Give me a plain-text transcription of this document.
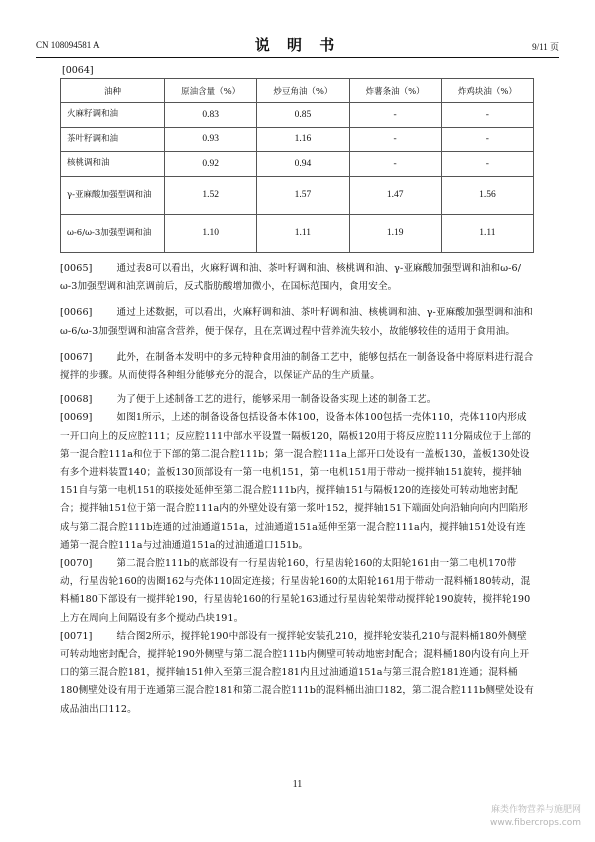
CN 108094581 A	说 明 书	9/11 页
[0064]
油种	原油含量（%）	炒豆角油（%）	炸薯条油（%）	炸鸡块油（%）
火麻籽调和油	0.83	0.85	-	-
茶叶籽调和油	0.93	1.16	-	-
核桃调和油	0.92	0.94	-	-
γ-亚麻酸加强型调和油	1.52	1.57	1.47	1.56
ω-6/ω-3加强型调和油	1.10	1.11	1.19	1.11

[0065]	通过表8可以看出，火麻籽调和油、茶叶籽调和油、核桃调和油、γ-亚麻酸加强型调和油和ω-6/ω-3加强型调和油烹调前后，反式脂肪酸增加微小，在国标范围内，食用安全。

[0066]	通过上述数据，可以看出，火麻籽调和油、茶叶籽调和油、核桃调和油、γ-亚麻酸加强型调和油和ω-6/ω-3加强型调和油富含营养，便于保存，且在烹调过程中营养流失较小，故能够较佳的适用于食用油。

[0067]	此外，在制备本发明中的多元特种食用油的制备工艺中，能够包括在一制备设备中将原料进行混合搅拌的步骤。从而使得各种组分能够充分的混合，以保证产品的生产质量。

[0068]	为了便于上述制备工艺的进行，能够采用一制备设备实现上述的制备工艺。

[0069]	如图1所示，上述的制备设备包括设备本体100，设备本体100包括一壳体110，壳体110内形成一开口向上的反应腔111；反应腔111中部水平设置一隔板120，隔板120用于将反应腔111分隔成位于上部的第一混合腔111a和位于下部的第二混合腔111b；第一混合腔111a上部开口处设有一盖板130，盖板130处设有多个进料装置140；盖板130顶部设有一第一电机151，第一电机151用于带动一搅拌轴151旋转，搅拌轴151自与第一电机151的联接处延伸至第二混合腔111b内，搅拌轴151与隔板120的连接处可转动地密封配合；搅拌轴151位于第一混合腔111a内的外壁处设有第一浆叶152，搅拌轴151下端面处向沿轴向向内凹陷形成与第二混合腔111b连通的过油通道151a，过油通道151a延伸至第一混合腔111a内，搅拌轴151处设有连通第一混合腔111a与过油通道151a的过油通道口151b。

[0070]	第二混合腔111b的底部设有一行星齿轮160，行星齿轮160的太阳轮161由一第二电机170带动，行星齿轮160的齿圈162与壳体110固定连接；行星齿轮160的太阳轮161用于带动一混料桶180转动，混料桶180下部设有一搅拌轮190，行星齿轮160的行星轮163通过行星齿轮架带动搅拌轮190旋转，搅拌轮190上方在周向上间隔设有多个搅动凸块191。

[0071]	结合图2所示，搅拌轮190中部设有一搅拌轮安装孔210，搅拌轮安装孔210与混料桶180外侧壁可转动地密封配合，搅拌轮190外侧壁与第二混合腔111b内侧壁可转动地密封配合；混料桶180内设有向上开口的第三混合腔181，搅拌轴151伸入至第三混合腔181内且过油通道151a与第三混合腔181连通；混料桶180侧壁处设有用于连通第三混合腔181和第二混合腔111b的混料桶出油口182，第二混合腔111b侧壁处设有成品油出口112。

11
麻类作物营养与施肥网
www.fibercrops.com
